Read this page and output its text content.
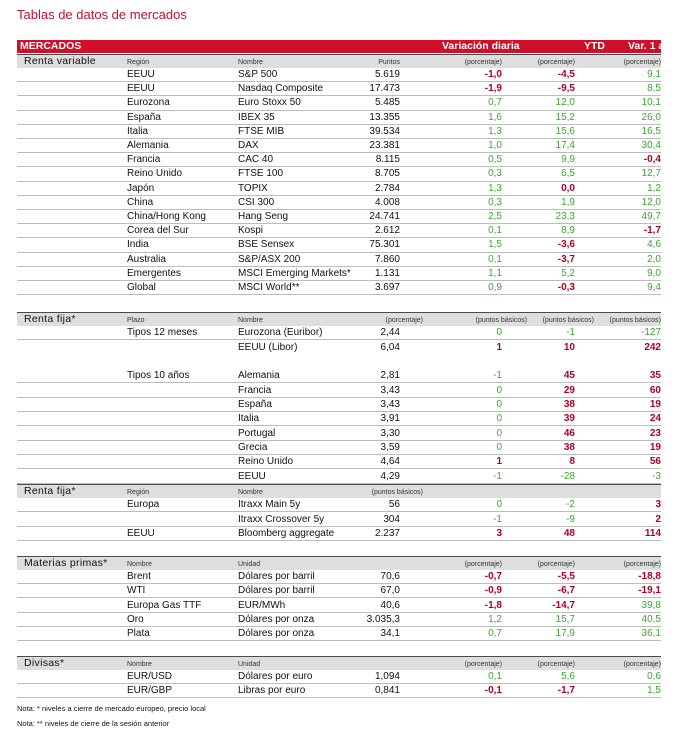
Tablas de datos de mercados
MERCADOS	Variación diaria	YTD Var. 1 año
Renta variable	Región	Nombre	Puntos	(porcentaje)	(porcentaje)	(porcentaje)
EEUU	S&P 500	5.619	-1,0	-4,5	9,1
EEUU	Nasdaq Composite	17.473	-1,9	-9,5	8,5
Eurozona	Euro Stoxx 50	5.485	0,7	12,0	10,1
España	IBEX 35	13.355	1,6	15,2	26,0
Italia	FTSE MIB	39.534	1,3	15,6	16,5
Alemania	DAX	23.381	1,0	17,4	30,4
Francia	CAC 40	8.115	0,5	9,9	-0,4
Reino Unido	FTSE 100	8.705	0,3	6,5	12,7
Japón	TOPIX	2.784	1,3	0,0	1,2
China	CSI 300	4.008	0,3	1,9	12,0
China/Hong Kong	Hang Seng	24.741	2,5	23,3	49,7
Corea del Sur	Kospi	2.612	0,1	8,9	-1,7
India	BSE Sensex	75.301	1,5	-3,6	4,6
Australia	S&P/ASX 200	7.860	0,1	-3,7	2,0
Emergentes	MSCI Emerging Markets* 1.131	1,1	5,2	9,0
Global	MSCI World**	3.697	0,9	-0,3	9,4
Renta fija*	Plazo	Nombre	(porcentaje)	(puntos básicos) (puntos básicos) (puntos básicos)
Tipos 12 meses	Eurozona (Euribor)	2,44	0	-1	-127
EEUU (Libor)	6,04	1	10	242
Tipos 10 años	Alemania	2,81	-1	45	35
Francia	3,43	0	29	60
España	3,43	0	38	19
Italia	3,91	0	39	24
Portugal	3,30	0	46	23
Grecia	3,59	0	38	19
Reino Unido	4,64	1	8	56
EEUU	4,29	-1	-28	-3
Renta fija*	Región	Nombre	(puntos básicos)
Europa	Itraxx Main 5y	56	0	-2	3
Itraxx Crossover 5y	304	-1	-9	2
EEUU	Bloomberg aggregate	2.237	3	48	114
Materias primas*	Nombre	Unidad	(porcentaje)	(porcentaje)	(porcentaje)
Brent	Dólares por barril	70,6	-0,7	-5,5	-18,8
WTI	Dólares por barril	67,0	-0,9	-6,7	-19,1
Europa Gas TTF	EUR/MWh	40,6	-1,8	-14,7	39,8
Oro	Dólares por onza	3.035,3	1,2	15,7	40,5
Plata	Dólares por onza	34,1	0,7	17,9	36,1
Divisas*	Nombre	Unidad	(porcentaje)	(porcentaje)	(porcentaje)
EUR/USD	Dólares por euro	1,094	0,1	5,6	0,6
EUR/GBP	Libras por euro	0,841	-0,1	-1,7	1,5
Nota: * niveles a cierre de mercado europeo, precio local
Nota: ** niveles de cierre de la sesión anterior
